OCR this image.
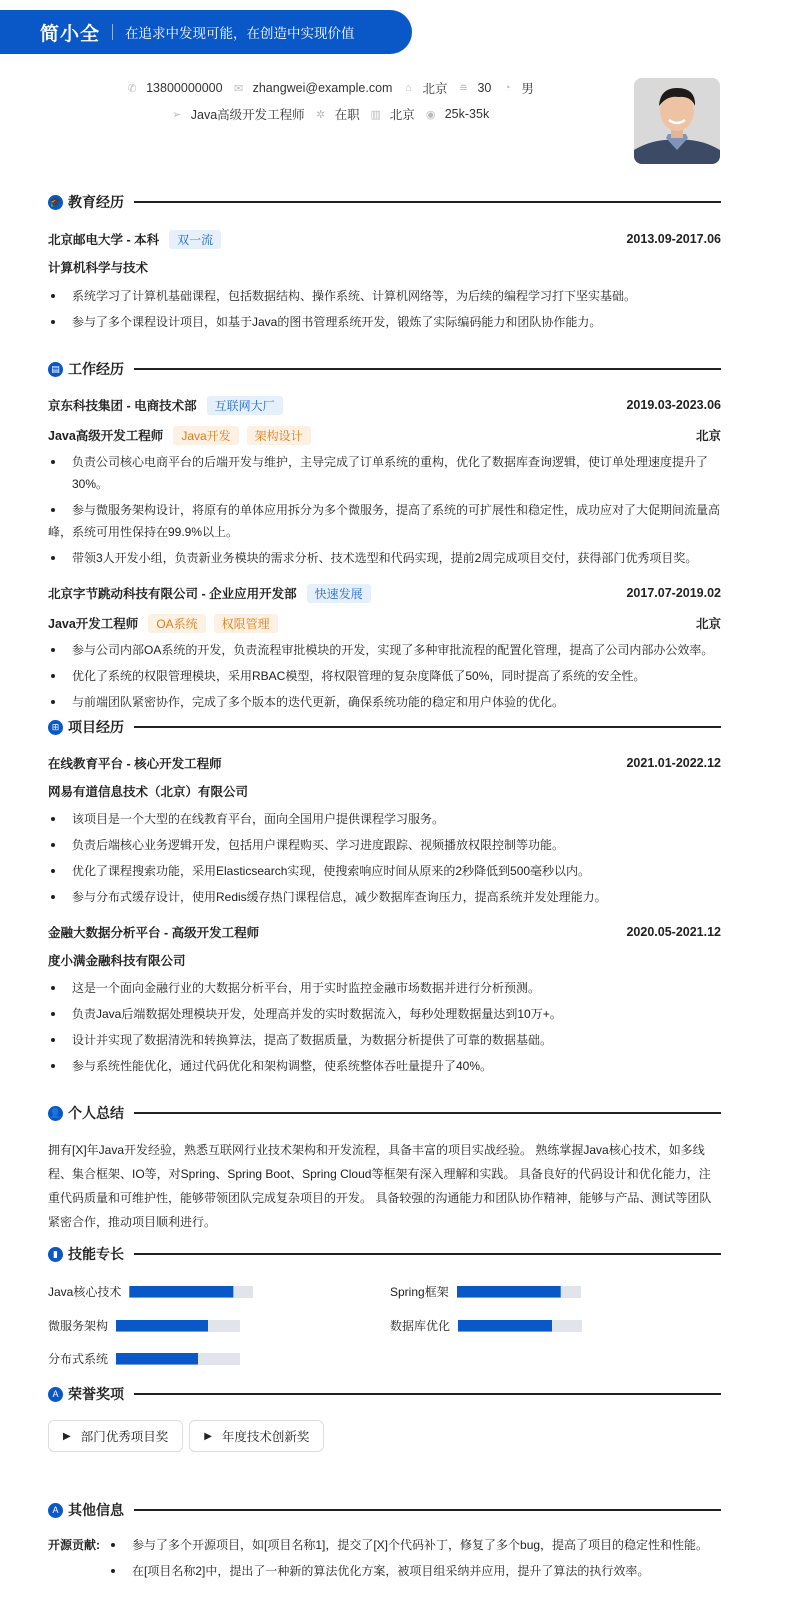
简小全 在追求中发现可能，在创造中实现价值
✆ 13800000000 ✉ zhangwei@example.com ⌂ 北京 ≘ 30 ◔ 男
➢ Java高级开发工程师 ✲ 在职 ▥ 北京 ◉ 25k-35k
🎓 教育经历
北京邮电大学 - 本科	双一流	2013.09-2017.06
计算机科学与技术
系统学习了计算机基础课程，包括数据结构、操作系统、计算机网络等，为后续的编程学习打下坚实基础。
参与了多个课程设计项目，如基于Java的图书管理系统开发，锻炼了实际编码能力和团队协作能力。
▤ 工作经历
京东科技集团 - 电商技术部	互联网大厂	2019.03-2023.06
Java高级开发工程师	Java开发	架构设计	北京
负责公司核心电商平台的后端开发与维护，主导完成了订单系统的重构，优化了数据库查询逻辑，使订单处理速度提升了30%。
参与微服务架构设计，将原有的单体应用拆分为多个微服务，提高了系统的可扩展性和稳定性，成功应对了大促期间流量高峰，系统可用性保持在99.9%以上。
带领3人开发小组，负责新业务模块的需求分析、技术选型和代码实现，提前2周完成项目交付，获得部门优秀项目奖。
北京字节跳动科技有限公司 - 企业应用开发部	快速发展	2017.07-2019.02
Java开发工程师	OA系统	权限管理	北京
参与公司内部OA系统的开发，负责流程审批模块的开发，实现了多种审批流程的配置化管理，提高了公司内部办公效率。
优化了系统的权限管理模块，采用RBAC模型，将权限管理的复杂度降低了50%，同时提高了系统的安全性。
与前端团队紧密协作，完成了多个版本的迭代更新，确保系统功能的稳定和用户体验的优化。
⊞ 项目经历
在线教育平台 - 核心开发工程师	2021.01-2022.12
网易有道信息技术（北京）有限公司
该项目是一个大型的在线教育平台，面向全国用户提供课程学习服务。
负责后端核心业务逻辑开发，包括用户课程购买、学习进度跟踪、视频播放权限控制等功能。
优化了课程搜索功能，采用Elasticsearch实现，使搜索响应时间从原来的2秒降低到500毫秒以内。
参与分布式缓存设计，使用Redis缓存热门课程信息，减少数据库查询压力，提高系统并发处理能力。
金融大数据分析平台 - 高级开发工程师	2020.05-2021.12
度小满金融科技有限公司
这是一个面向金融行业的大数据分析平台，用于实时监控金融市场数据并进行分析预测。
负责Java后端数据处理模块开发，处理高并发的实时数据流入，每秒处理数据量达到10万+。
设计并实现了数据清洗和转换算法，提高了数据质量，为数据分析提供了可靠的数据基础。
参与系统性能优化，通过代码优化和架构调整，使系统整体吞吐量提升了40%。
👤 个人总结
拥有[X]年Java开发经验，熟悉互联网行业技术架构和开发流程，具备丰富的项目实战经验。 熟练掌握Java核心技术，如多线程、集合框架、IO等，对Spring、Spring Boot、Spring Cloud等框架有深入理解和实践。 具备良好的代码设计和优化能力，注重代码质量和可维护性，能够带领团队完成复杂项目的开发。 具备较强的沟通能力和团队协作精神，能够与产品、测试等团队紧密合作，推动项目顺利进行。
▮ 技能专长
Java核心技术	Spring框架
微服务架构	数据库优化
分布式系统
A 荣誉奖项
▶ 部门优秀项目奖	▶ 年度技术创新奖
A 其他信息
开源贡献:	参与了多个开源项目，如[项目名称1]，提交了[X]个代码补丁，修复了多个bug，提高了项目的稳定性和性能。
在[项目名称2]中，提出了一种新的算法优化方案，被项目组采纳并应用，提升了算法的执行效率。
